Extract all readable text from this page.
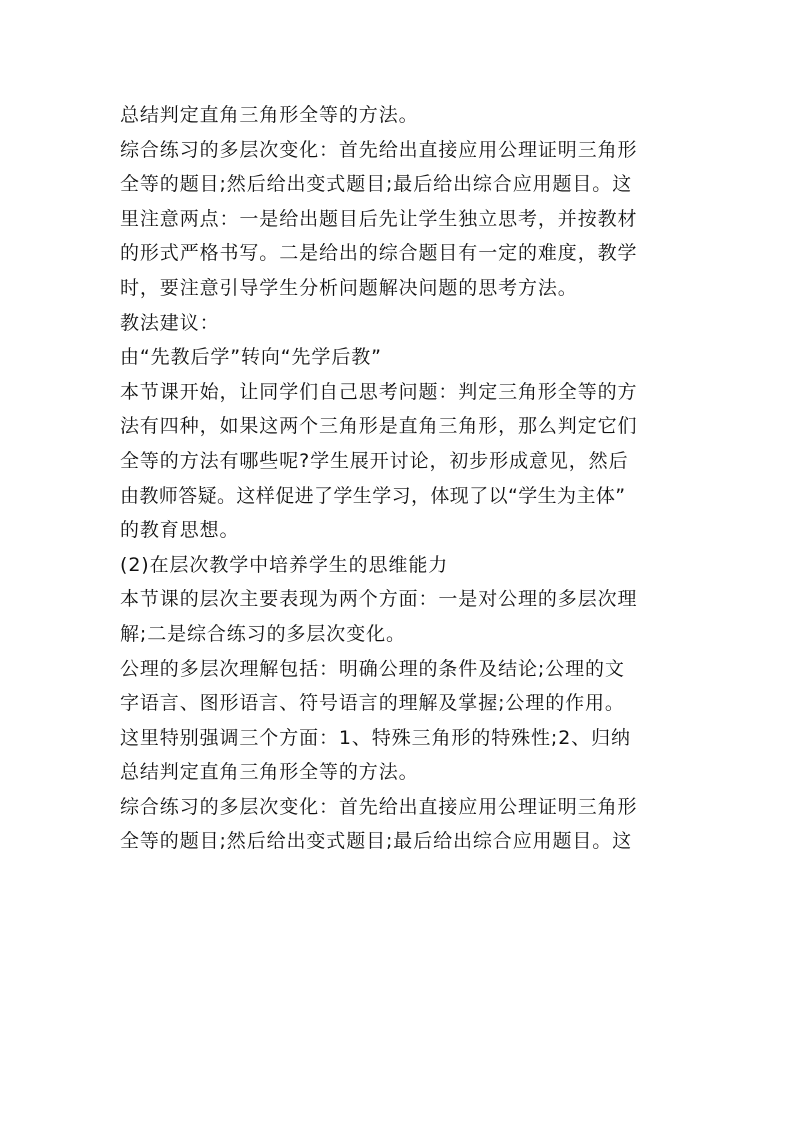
总结判定直角三角形全等的方法。
综合练习的多层次变化：首先给出直接应用公理证明三角形
全等的题目;然后给出变式题目;最后给出综合应用题目。这
里注意两点：一是给出题目后先让学生独立思考，并按教材
的形式严格书写。二是给出的综合题目有一定的难度，教学
时，要注意引导学生分析问题解决问题的思考方法。
教法建议：
由“先教后学”转向“先学后教”
本节课开始，让同学们自己思考问题：判定三角形全等的方
法有四种，如果这两个三角形是直角三角形，那么判定它们
全等的方法有哪些呢?学生展开讨论，初步形成意见，然后
由教师答疑。这样促进了学生学习，体现了以“学生为主体”
的教育思想。
(2)在层次教学中培养学生的思维能力
本节课的层次主要表现为两个方面：一是对公理的多层次理
解;二是综合练习的多层次变化。
公理的多层次理解包括：明确公理的条件及结论;公理的文
字语言、图形语言、符号语言的理解及掌握;公理的作用。
这里特别强调三个方面：1、特殊三角形的特殊性;2、归纳
总结判定直角三角形全等的方法。
综合练习的多层次变化：首先给出直接应用公理证明三角形
全等的题目;然后给出变式题目;最后给出综合应用题目。这
